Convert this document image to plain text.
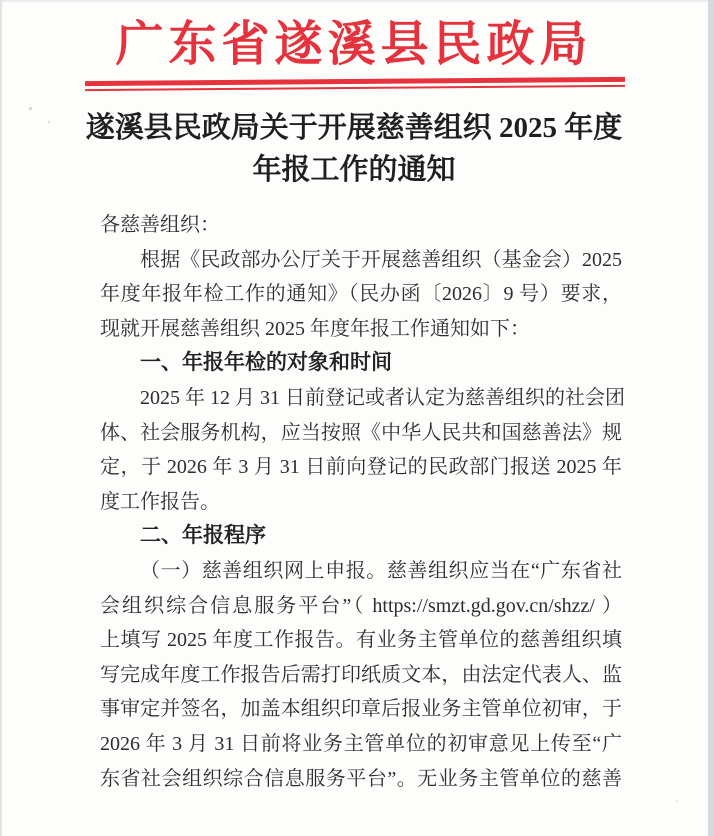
广东省遂溪县民政局
遂溪县民政局关于开展慈善组织 2025 年度
年报工作的通知
各慈善组织：
根据《民政部办公厅关于开展慈善组织（基金会）2025
年度年报年检工作的通知》（民办函〔2026〕9 号）要求，
现就开展慈善组织 2025 年度年报工作通知如下：
一、年报年检的对象和时间
2025 年 12 月 31 日前登记或者认定为慈善组织的社会团
体、社会服务机构，应当按照《中华人民共和国慈善法》规
定，于 2026 年 3 月 31 日前向登记的民政部门报送 2025 年
度工作报告。
二、年报程序
（一）慈善组织网上申报。慈善组织应当在“广东省社
会组织综合信息服务平台”（ https://smzt.gd.gov.cn/shzz/ ）
上填写 2025 年度工作报告。有业务主管单位的慈善组织填
写完成年度工作报告后需打印纸质文本，由法定代表人、监
事审定并签名，加盖本组织印章后报业务主管单位初审，于
2026 年 3 月 31 日前将业务主管单位的初审意见上传至“广
东省社会组织综合信息服务平台”。无业务主管单位的慈善
